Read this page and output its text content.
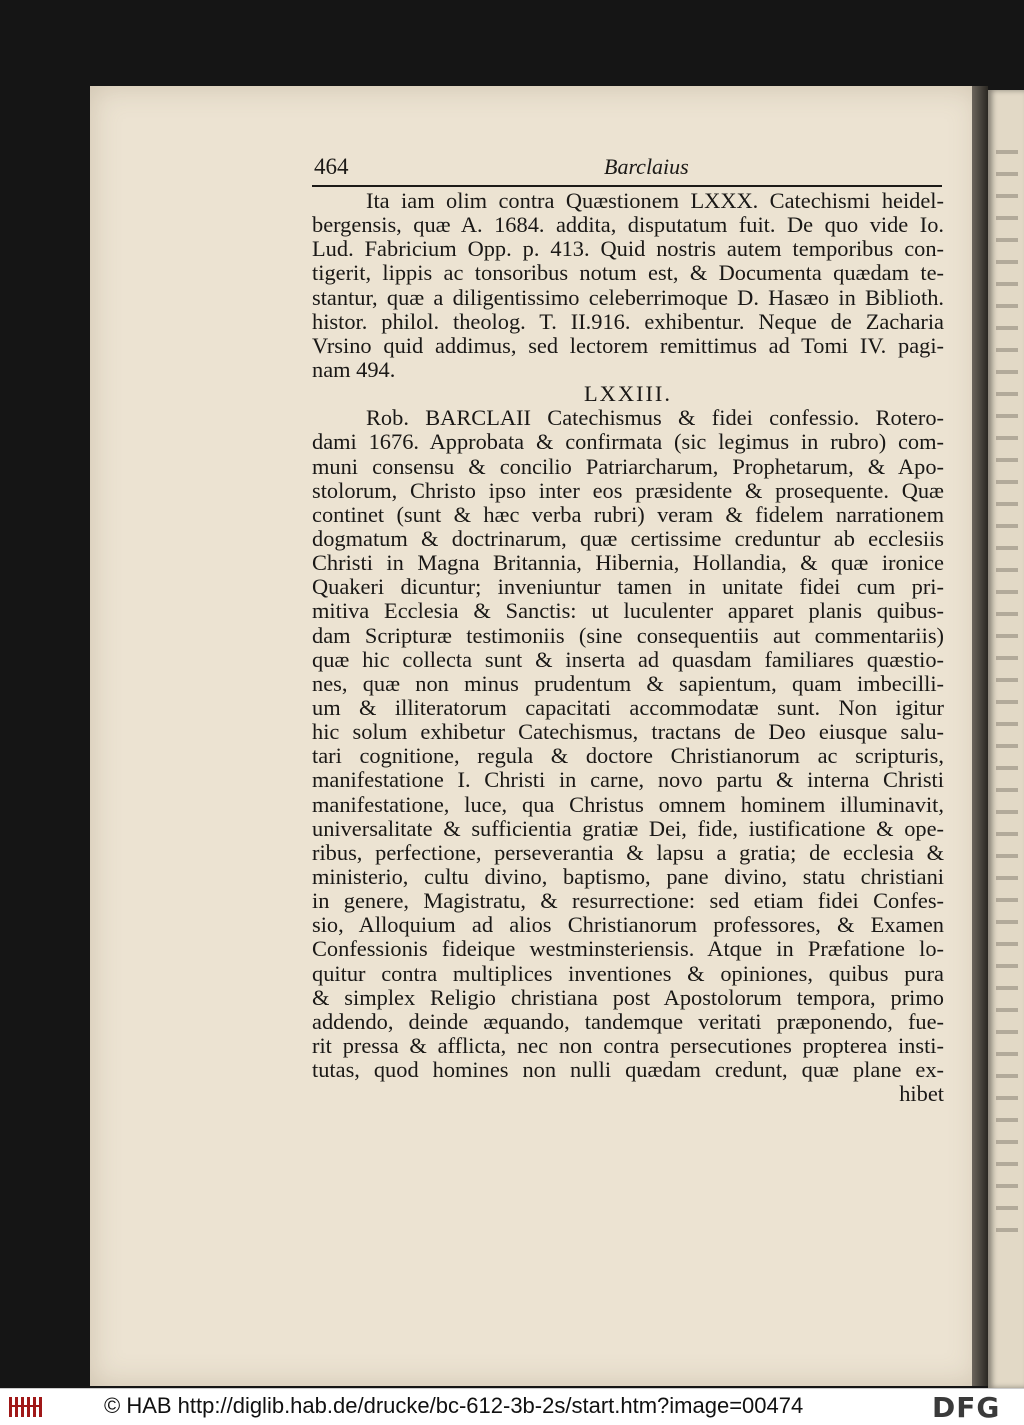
464	Barclaius
Ita iam olim contra Quæstionem LXXX. Catechismi heidel-
bergensis, quæ A. 1684. addita, disputatum fuit. De quo vide Io.
Lud. Fabricium Opp. p. 413. Quid nostris autem temporibus con-
tigerit, lippis ac tonsoribus notum est, & Documenta quædam te-
stantur, quæ a diligentissimo celeberrimoque D. Hasæo in Biblioth.
histor. philol. theolog. T. II.916. exhibentur. Neque de Zacharia
Vrsino quid addimus, sed lectorem remittimus ad Tomi IV. pagi-
nam 494.
LXXIII.
Rob. BARCLAII Catechismus & fidei confessio. Rotero-
dami 1676. Approbata & confirmata (sic legimus in rubro) com-
muni consensu & concilio Patriarcharum, Prophetarum, & Apo-
stolorum, Christo ipso inter eos præsidente & prosequente. Quæ
continet (sunt & hæc verba rubri) veram & fidelem narrationem
dogmatum & doctrinarum, quæ certissime creduntur ab ecclesiis
Christi in Magna Britannia, Hibernia, Hollandia, & quæ ironice
Quakeri dicuntur; inveniuntur tamen in unitate fidei cum pri-
mitiva Ecclesia & Sanctis: ut luculenter apparet planis quibus-
dam Scripturæ testimoniis (sine consequentiis aut commentariis)
quæ hic collecta sunt & inserta ad quasdam familiares quæstio-
nes, quæ non minus prudentum & sapientum, quam imbecilli-
um & illiteratorum capacitati accommodatæ sunt. Non igitur
hic solum exhibetur Catechismus, tractans de Deo eiusque salu-
tari cognitione, regula & doctore Christianorum ac scripturis,
manifestatione I. Christi in carne, novo partu & interna Christi
manifestatione, luce, qua Christus omnem hominem illuminavit,
universalitate & sufficientia gratiæ Dei, fide, iustificatione & ope-
ribus, perfectione, perseverantia & lapsu a gratia; de ecclesia &
ministerio, cultu divino, baptismo, pane divino, statu christiani
in genere, Magistratu, & resurrectione: sed etiam fidei Confes-
sio, Alloquium ad alios Christianorum professores, & Examen
Confessionis fideique westminsteriensis. Atque in Præfatione lo-
quitur contra multiplices inventiones & opiniones, quibus pura
& simplex Religio christiana post Apostolorum tempora, primo
addendo, deinde æquando, tandemque veritati præponendo, fue-
rit pressa & afflicta, nec non contra persecutiones propterea insti-
tutas, quod homines non nulli quædam credunt, quæ plane ex-
hibet
© HAB http://diglib.hab.de/drucke/bc-612-3b-2s/start.htm?image=00474	DFG
